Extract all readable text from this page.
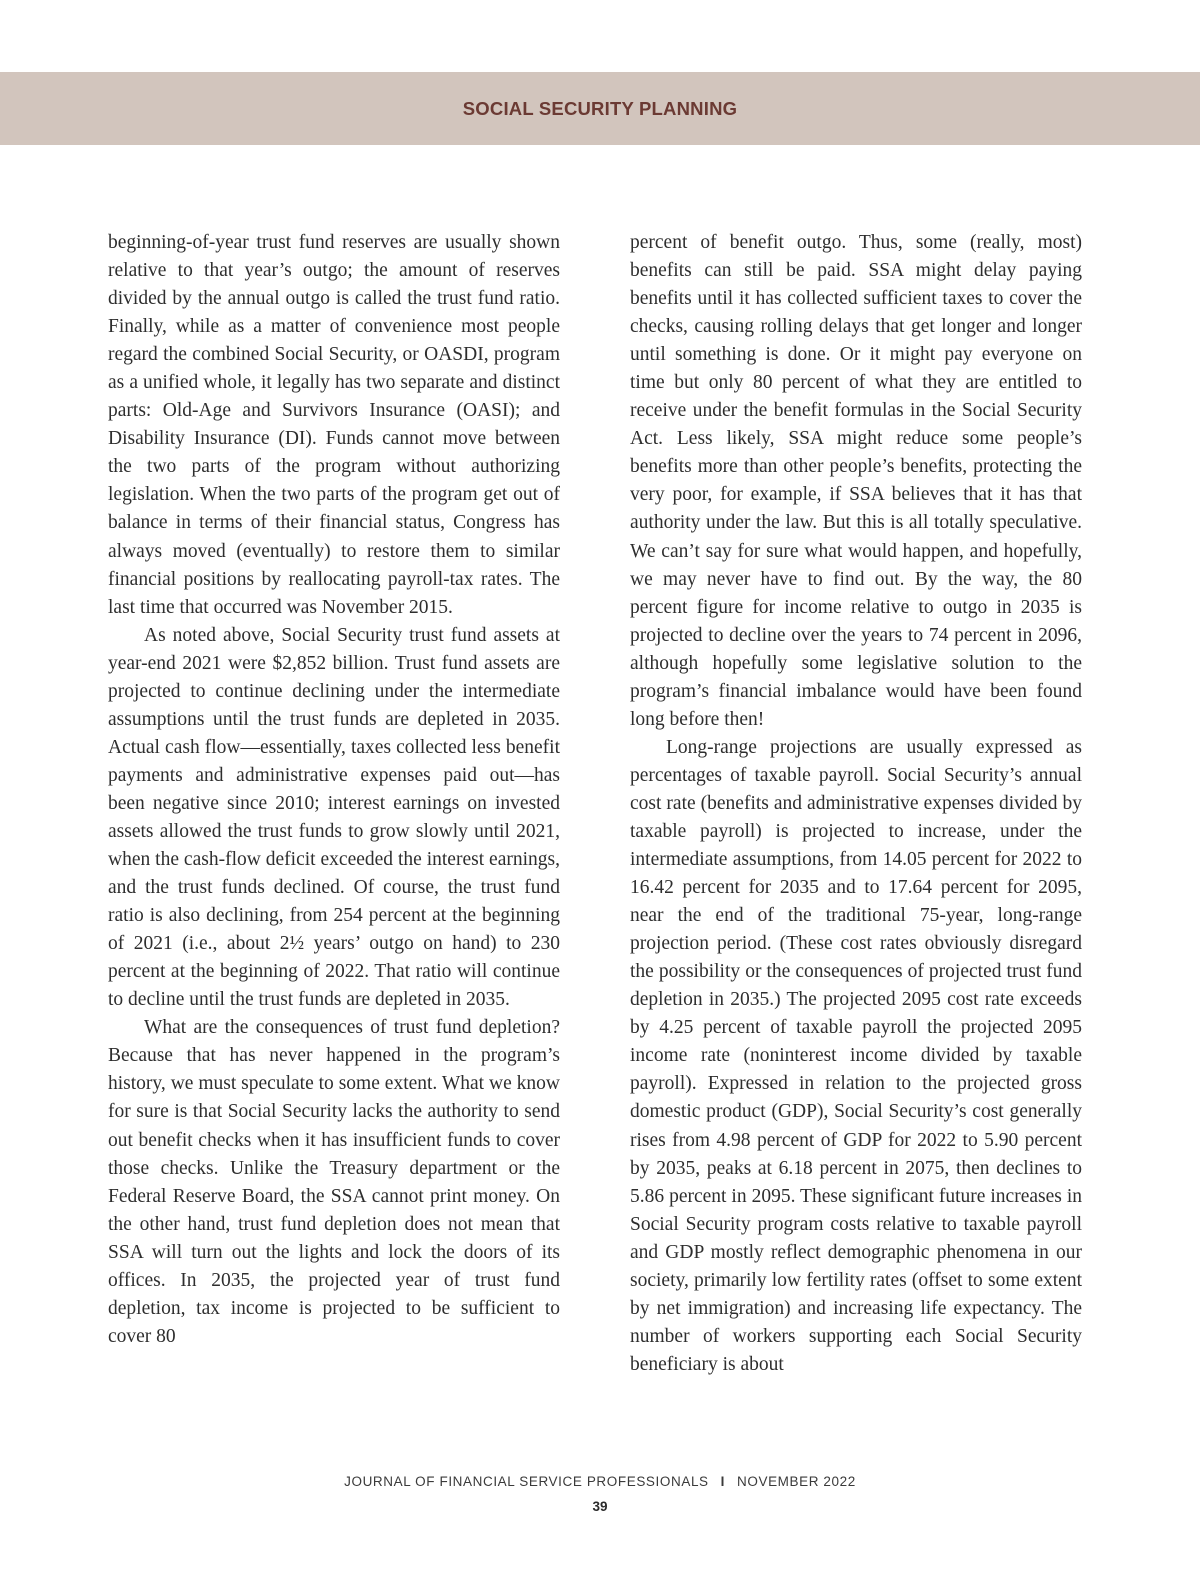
SOCIAL SECURITY PLANNING

beginning-of-year trust fund reserves are usually shown relative to that year’s outgo; the amount of reserves divided by the annual outgo is called the trust fund ratio. Finally, while as a matter of convenience most people regard the combined Social Security, or OASDI, program as a unified whole, it legally has two separate and distinct parts: Old-Age and Survivors Insurance (OASI); and Disability Insurance (DI). Funds cannot move between the two parts of the program without authorizing legislation. When the two parts of the program get out of balance in terms of their financial status, Congress has always moved (eventually) to restore them to similar financial positions by reallocating payroll-tax rates. The last time that occurred was November 2015.

As noted above, Social Security trust fund assets at year-end 2021 were $2,852 billion. Trust fund assets are projected to continue declining under the intermediate assumptions until the trust funds are depleted in 2035. Actual cash flow—essentially, taxes collected less benefit payments and administrative expenses paid out—has been negative since 2010; interest earnings on invested assets allowed the trust funds to grow slowly until 2021, when the cash-flow deficit exceeded the interest earnings, and the trust funds declined. Of course, the trust fund ratio is also declining, from 254 percent at the beginning of 2021 (i.e., about 2½ years’ outgo on hand) to 230 percent at the beginning of 2022. That ratio will continue to decline until the trust funds are depleted in 2035.

What are the consequences of trust fund depletion? Because that has never happened in the program’s history, we must speculate to some extent. What we know for sure is that Social Security lacks the authority to send out benefit checks when it has insufficient funds to cover those checks. Unlike the Treasury department or the Federal Reserve Board, the SSA cannot print money. On the other hand, trust fund depletion does not mean that SSA will turn out the lights and lock the doors of its offices. In 2035, the projected year of trust fund depletion, tax income is projected to be sufficient to cover 80

percent of benefit outgo. Thus, some (really, most) benefits can still be paid. SSA might delay paying benefits until it has collected sufficient taxes to cover the checks, causing rolling delays that get longer and longer until something is done. Or it might pay everyone on time but only 80 percent of what they are entitled to receive under the benefit formulas in the Social Security Act. Less likely, SSA might reduce some people’s benefits more than other people’s benefits, protecting the very poor, for example, if SSA believes that it has that authority under the law. But this is all totally speculative. We can’t say for sure what would happen, and hopefully, we may never have to find out. By the way, the 80 percent figure for income relative to outgo in 2035 is projected to decline over the years to 74 percent in 2096, although hopefully some legislative solution to the program’s financial imbalance would have been found long before then!

Long-range projections are usually expressed as percentages of taxable payroll. Social Security’s annual cost rate (benefits and administrative expenses divided by taxable payroll) is projected to increase, under the intermediate assumptions, from 14.05 percent for 2022 to 16.42 percent for 2035 and to 17.64 percent for 2095, near the end of the traditional 75-year, long-range projection period. (These cost rates obviously disregard the possibility or the consequences of projected trust fund depletion in 2035.) The projected 2095 cost rate exceeds by 4.25 percent of taxable payroll the projected 2095 income rate (noninterest income divided by taxable payroll). Expressed in relation to the projected gross domestic product (GDP), Social Security’s cost generally rises from 4.98 percent of GDP for 2022 to 5.90 percent by 2035, peaks at 6.18 percent in 2075, then declines to 5.86 percent in 2095. These significant future increases in Social Security program costs relative to taxable payroll and GDP mostly reflect demographic phenomena in our society, primarily low fertility rates (offset to some extent by net immigration) and increasing life expectancy. The number of workers supporting each Social Security beneficiary is about

JOURNAL OF FINANCIAL SERVICE PROFESSIONALS I NOVEMBER 2022
39
